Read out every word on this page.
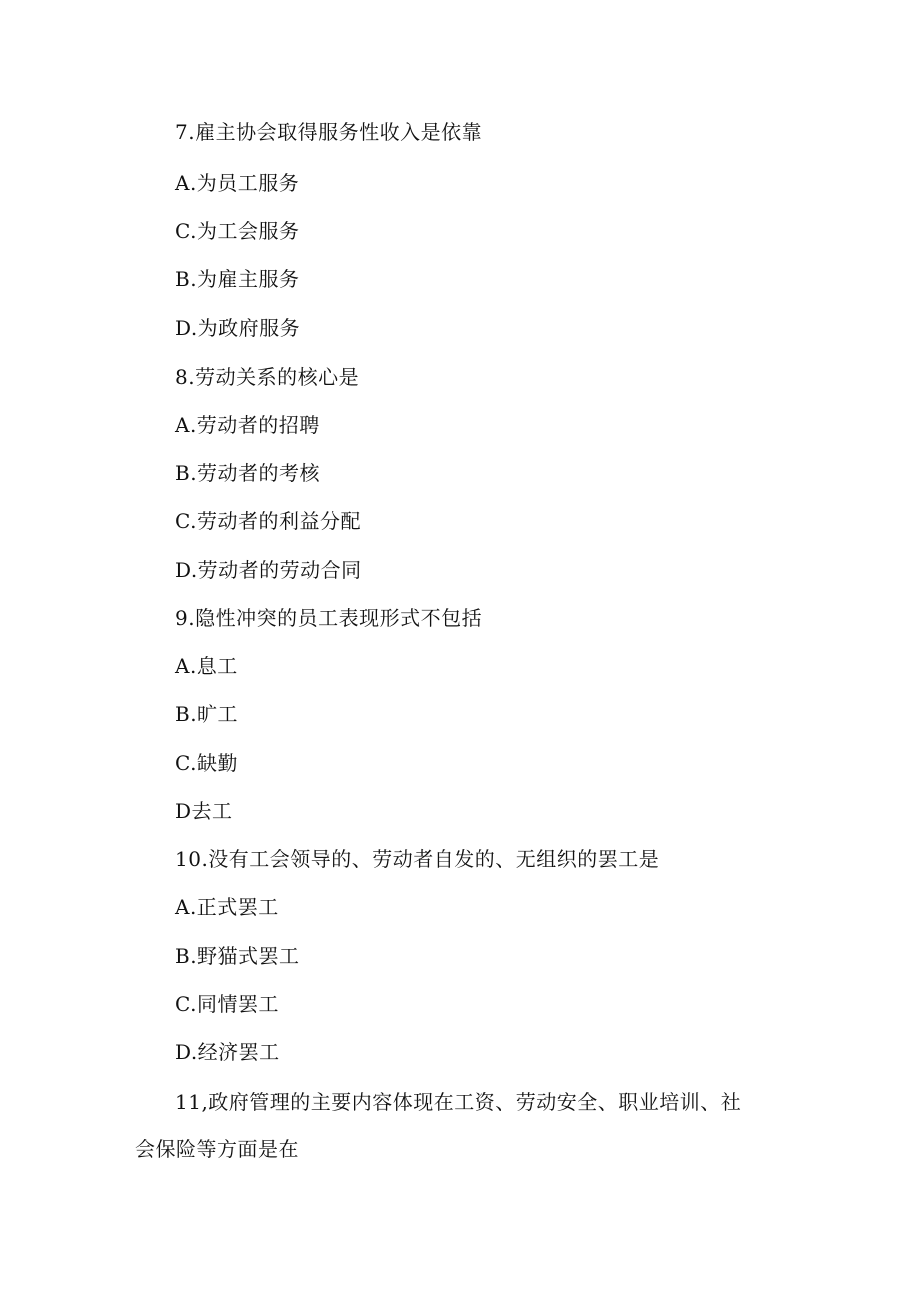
7.雇主协会取得服务性收入是依靠
A.为员工服务
C.为工会服务
B.为雇主服务
D.为政府服务
8.劳动关系的核心是
A.劳动者的招聘
B.劳动者的考核
C.劳动者的利益分配
D.劳动者的劳动合同
9.隐性冲突的员工表现形式不包括
A.息工
B.旷工
C.缺勤
D去工
10.没有工会领导的、劳动者自发的、无组织的罢工是
A.正式罢工
B.野猫式罢工
C.同情罢工
D.经济罢工
11,政府管理的主要内容体现在工资、劳动安全、职业培训、社
会保险等方面是在
